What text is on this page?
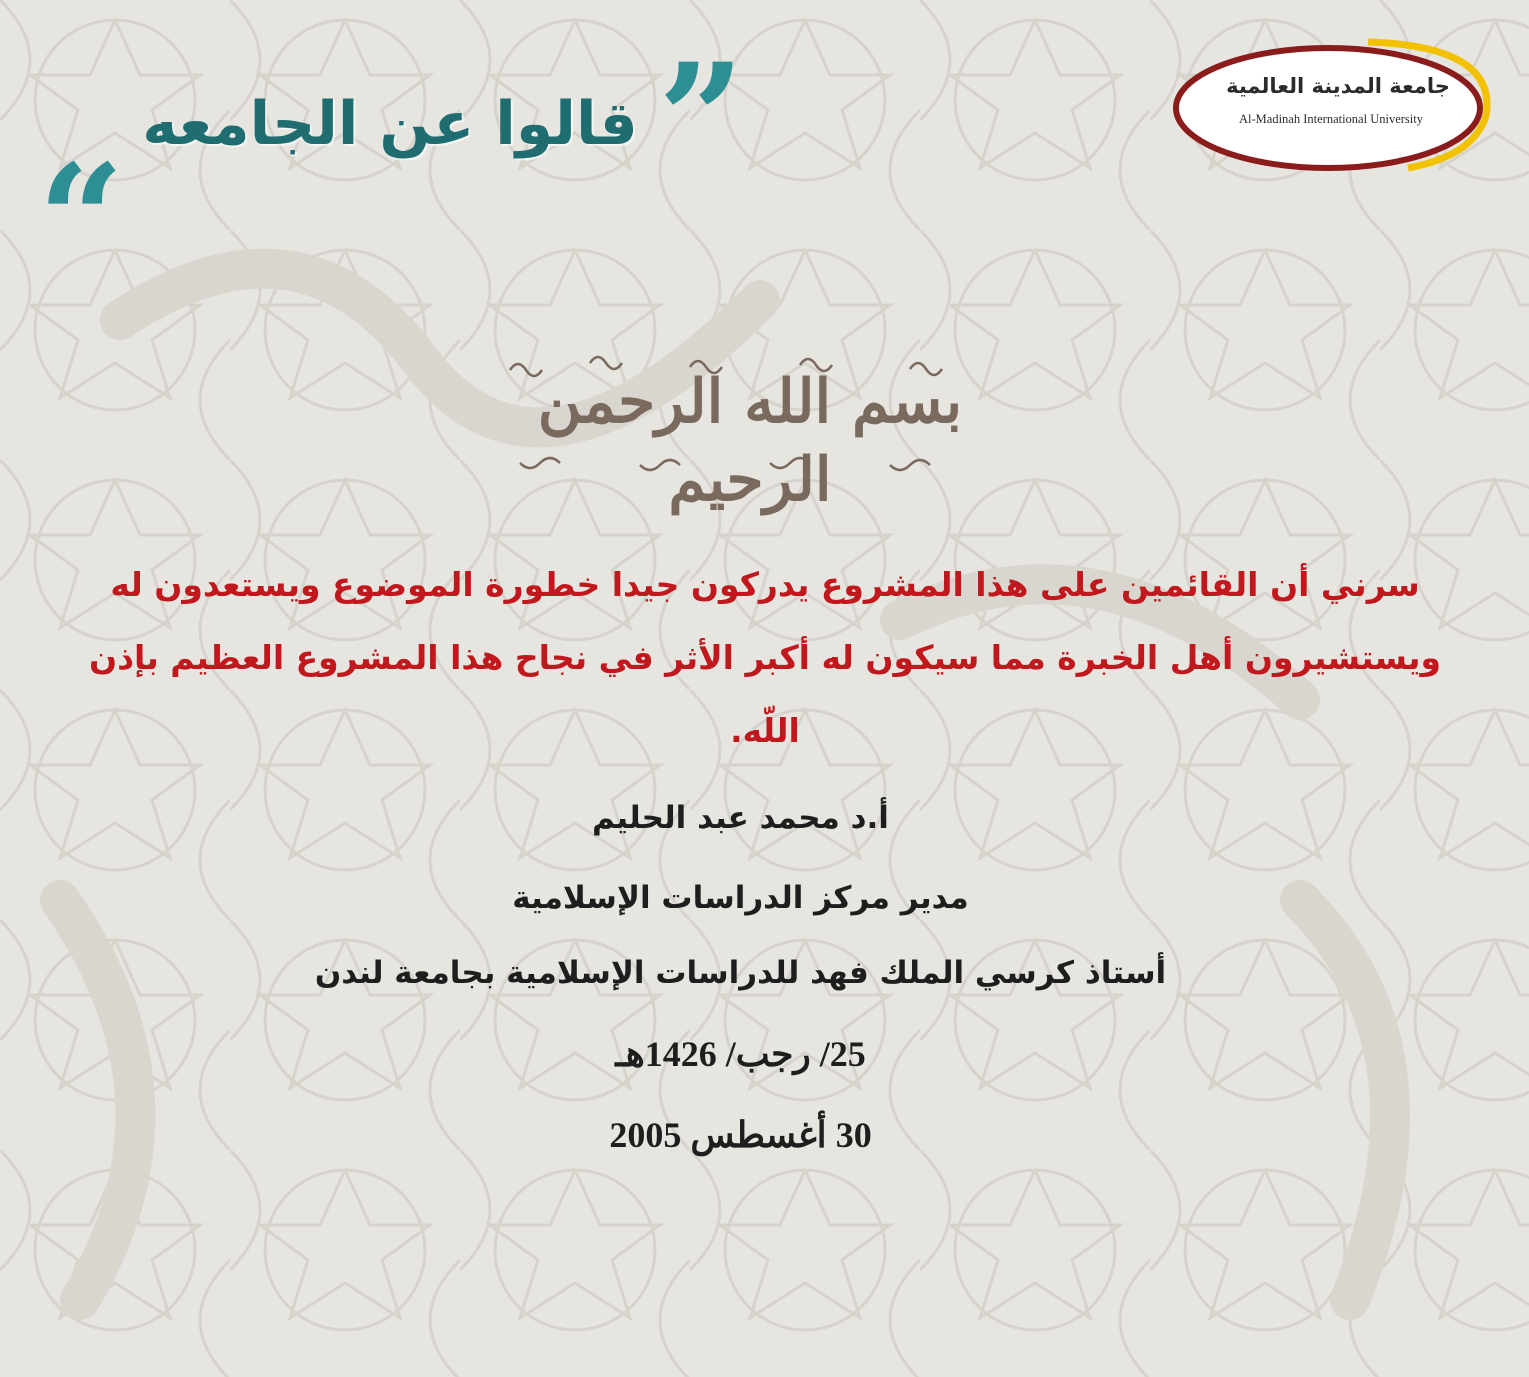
“
قالوا عن الجامعه ”	جامعة المدينة العالمية
Al-Madinah International University
بسم الله الرحمن الرحيم

سرني أن القائمين على هذا المشروع يدركون جيدا خطورة الموضوع ويستعدون له

ويستشيرون أهل الخبرة مما سيكون له أكبر الأثر في نجاح هذا المشروع العظيم بإذن

اللّه.

أ.د محمد عبد الحليم
مدير مركز الدراسات الإسلامية
أستاذ كرسي الملك فهد للدراسات الإسلامية بجامعة لندن
25/ رجب/ 1426هـ
30 أغسطس 2005
